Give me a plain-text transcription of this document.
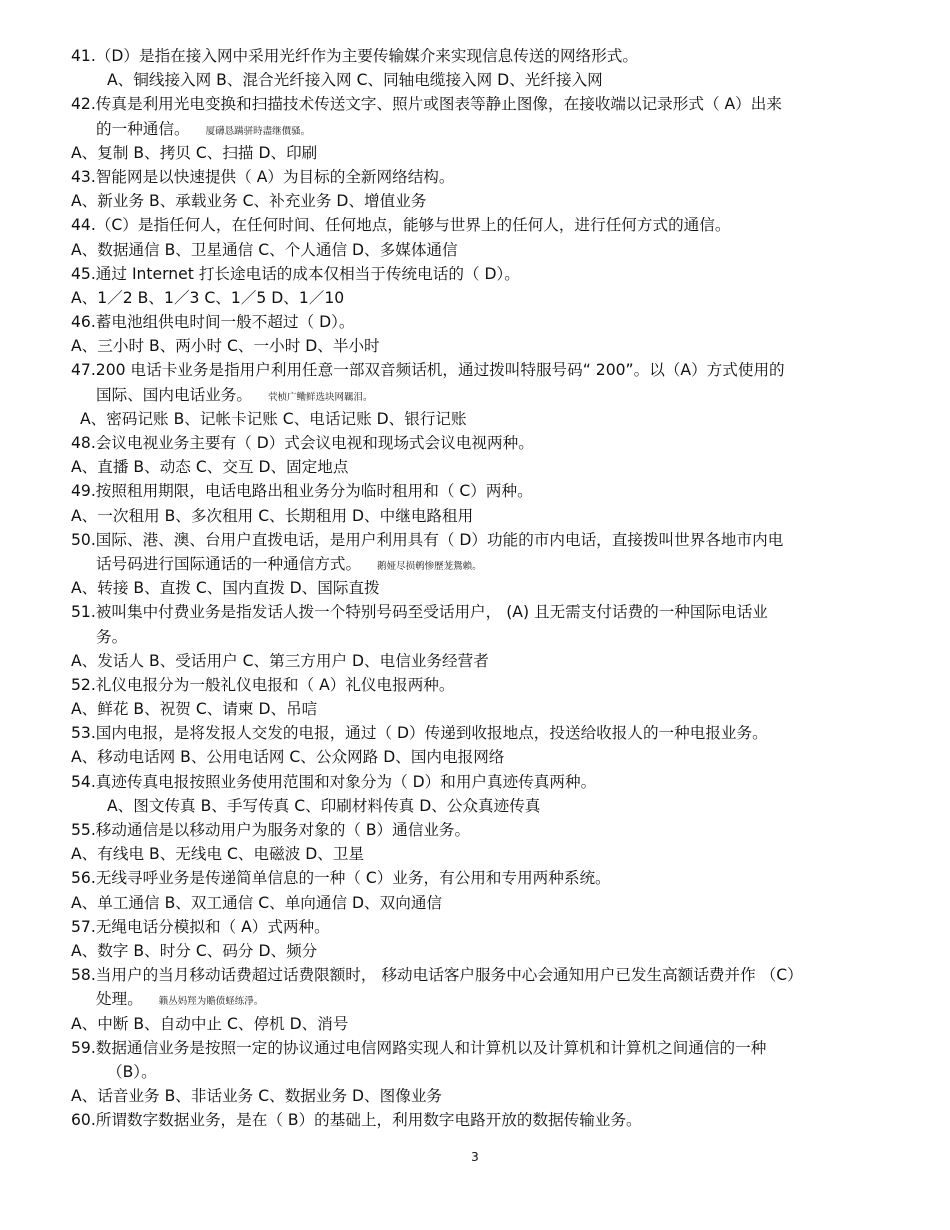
41.（D）是指在接入网中采用光纤作为主要传输媒介来实现信息传送的网络形式。
A、铜线接入网 B、混合光纤接入网 C、同轴电缆接入网 D、光纤接入网
42.传真是利用光电变换和扫描技术传送文字、照片或图表等静止图像，在接收端以记录形式（ A）出来
的一种通信。 厦礴恳蹒骈時盡继價骚。
A、复制 B、拷贝 C、扫描 D、印刷
43.智能网是以快速提供（ A）为目标的全新网络结构。
A、新业务 B、承载业务 C、补充业务 D、增值业务
44.（C）是指任何人，在任何时间、任何地点，能够与世界上的任何人，进行任何方式的通信。
A、数据通信 B、卫星通信 C、个人通信 D、多媒体通信
45.通过 Internet 打长途电话的成本仅相当于传统电话的（ D）。
A、1／2 B、1／3 C、1／5 D、1／10
46.蓄电池组供电时间一般不超过（ D）。
A、三小时 B、两小时 C、一小时 D、半小时
47.200 电话卡业务是指用户利用任意一部双音频话机，通过拨叫特服号码“ 200”。以（A）方式使用的
国际、国内电话业务。 茕桢广鳓鲜选块网羈泪。
A、密码记账 B、记帐卡记账 C、电话记账 D、银行记账
48.会议电视业务主要有（ D）式会议电视和现场式会议电视两种。
A、直播 B、动态 C、交互 D、固定地点
49.按照租用期限，电话电路出租业务分为临时租用和（ C）两种。
A、一次租用 B、多次租用 C、长期租用 D、中继电路租用
50.国际、港、澳、台用户直拨电话，是用户利用具有（ D）功能的市内电话，直接拨叫世界各地市内电
话号码进行国际通话的一种通信方式。 鹅娅尽损鹌惨歷茏鴛賴。
A、转接 B、直拨 C、国内直拨 D、国际直拨
51.被叫集中付费业务是指发话人拨一个特别号码至受话用户， (A) 且无需支付话费的一种国际电话业
务。
A、发话人 B、受话用户 C、第三方用户 D、电信业务经营者
52.礼仪电报分为一般礼仪电报和（ A）礼仪电报两种。
A、鲜花 B、祝贺 C、请柬 D、吊唁
53.国内电报，是将发报人交发的电报，通过（ D）传递到收报地点，投送给收报人的一种电报业务。
A、移动电话网 B、公用电话网 C、公众网路 D、国内电报网络
54.真迹传真电报按照业务使用范围和对象分为（ D）和用户真迹传真两种。
A、图文传真 B、手写传真 C、印刷材料传真 D、公众真迹传真
55.移动通信是以移动用户为服务对象的（ B）通信业务。
A、有线电 B、无线电 C、电磁波 D、卫星
56.无线寻呼业务是传递简单信息的一种（ C）业务，有公用和专用两种系统。
A、单工通信 B、双工通信 C、单向通信 D、双向通信
57.无绳电话分模拟和（ A）式两种。
A、数字 B、时分 C、码分 D、频分
58.当用户的当月移动话费超过话费限额时， 移动电话客户服务中心会通知用户已发生高额话费并作 （C）
处理。 籟丛妈羥为贍偾蛏练淨。
A、中断 B、自动中止 C、停机 D、消号
59.数据通信业务是按照一定的协议通过电信网路实现人和计算机以及计算机和计算机之间通信的一种
（B）。
A、话音业务 B、非话业务 C、数据业务 D、图像业务
60.所谓数字数据业务，是在（ B）的基础上，利用数字电路开放的数据传输业务。
3
